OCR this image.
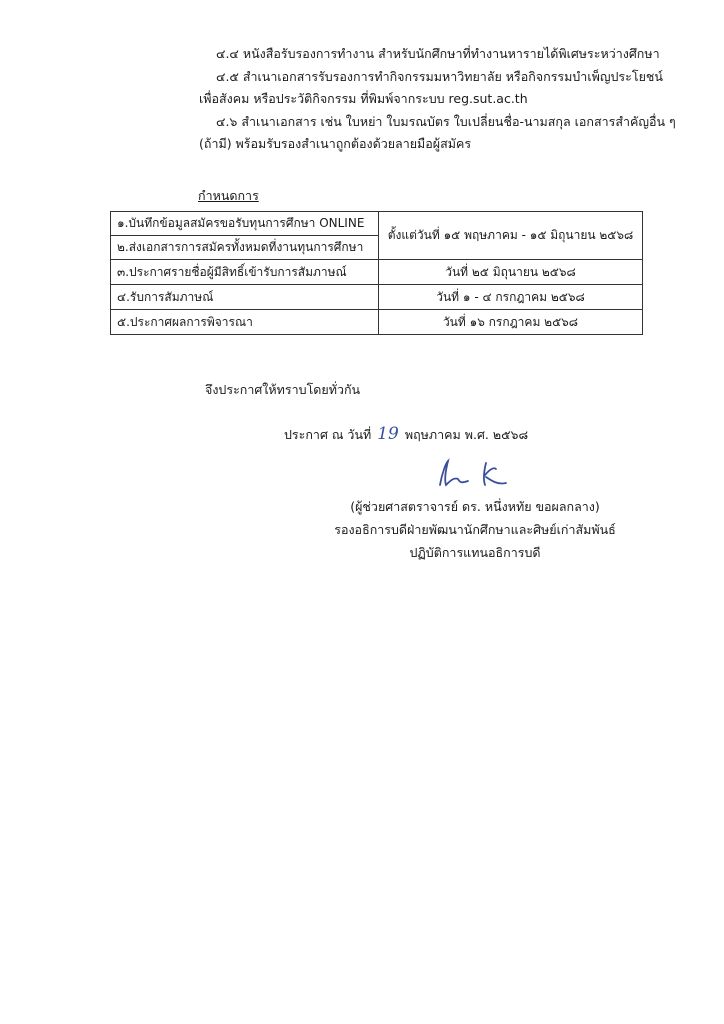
๔.๔ หนังสือรับรองการทำงาน สำหรับนักศึกษาที่ทำงานหารายได้พิเศษระหว่างศึกษา
๔.๕ สำเนาเอกสารรับรองการทำกิจกรรมมหาวิทยาลัย หรือกิจกรรมบำเพ็ญประโยชน์
เพื่อสังคม หรือประวัติกิจกรรม ที่พิมพ์จากระบบ reg.sut.ac.th
๔.๖ สำเนาเอกสาร เช่น ใบหย่า ใบมรณบัตร ใบเปลี่ยนชื่อ-นามสกุล เอกสารสำคัญอื่น ๆ
(ถ้ามี) พร้อมรับรองสำเนาถูกต้องด้วยลายมือผู้สมัคร
กำหนดการ
๑.บันทึกข้อมูลสมัครขอรับทุนการศึกษา ONLINE	ตั้งแต่วันที่ ๑๕ พฤษภาคม - ๑๕ มิถุนายน ๒๕๖๘
๒.ส่งเอกสารการสมัครทั้งหมดที่งานทุนการศึกษา	
๓.ประกาศรายชื่อผู้มีสิทธิ์เข้ารับการสัมภาษณ์	วันที่ ๒๕ มิถุนายน ๒๕๖๘
๔.รับการสัมภาษณ์	วันที่ ๑ - ๔ กรกฎาคม ๒๕๖๘
๕.ประกาศผลการพิจารณา	วันที่ ๑๖ กรกฎาคม ๒๕๖๘
จึงประกาศให้ทราบโดยทั่วกัน
ประกาศ ณ วันที่ 19 พฤษภาคม พ.ศ. ๒๕๖๘
(ผู้ช่วยศาสตราจารย์ ดร. หนึ่งหทัย ขอผลกลาง)
รองอธิการบดีฝ่ายพัฒนานักศึกษาและศิษย์เก่าสัมพันธ์
ปฏิบัติการแทนอธิการบดี
